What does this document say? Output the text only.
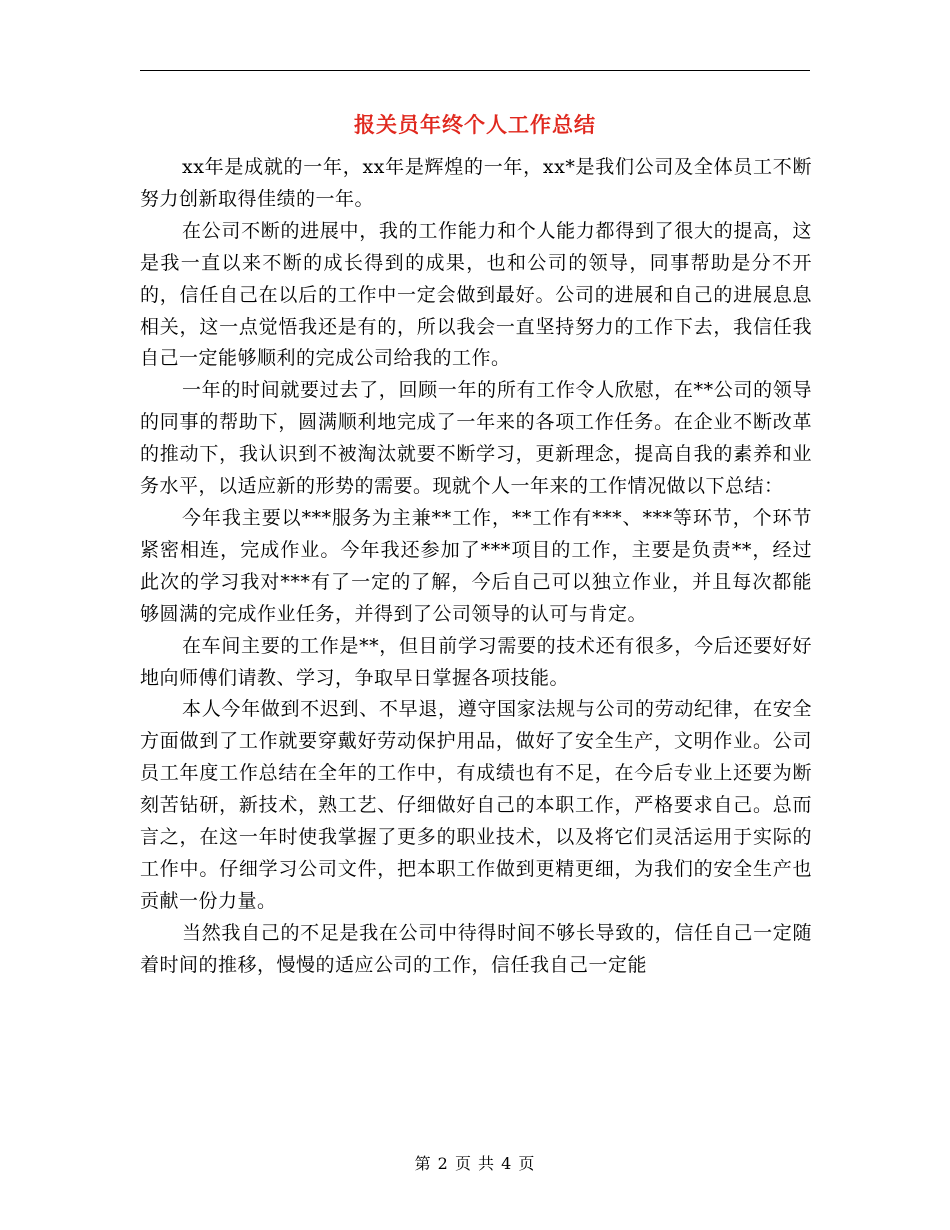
报关员年终个人工作总结

xx年是成就的一年，xx年是辉煌的一年，xx*是我们公司及全体员工不断努力创新取得佳绩的一年。

在公司不断的进展中，我的工作能力和个人能力都得到了很大的提高，这是我一直以来不断的成长得到的成果，也和公司的领导，同事帮助是分不开的，信任自己在以后的工作中一定会做到最好。公司的进展和自己的进展息息相关，这一点觉悟我还是有的，所以我会一直坚持努力的工作下去，我信任我自己一定能够顺利的完成公司给我的工作。

一年的时间就要过去了，回顾一年的所有工作令人欣慰，在**公司的领导的同事的帮助下，圆满顺利地完成了一年来的各项工作任务。在企业不断改革的推动下，我认识到不被淘汰就要不断学习，更新理念，提高自我的素养和业务水平，以适应新的形势的需要。现就个人一年来的工作情况做以下总结：

今年我主要以***服务为主兼**工作，**工作有***、***等环节，个环节紧密相连，完成作业。今年我还参加了***项目的工作，主要是负责**，经过此次的学习我对***有了一定的了解，今后自己可以独立作业，并且每次都能够圆满的完成作业任务，并得到了公司领导的认可与肯定。

在车间主要的工作是**，但目前学习需要的技术还有很多，今后还要好好地向师傅们请教、学习，争取早日掌握各项技能。

本人今年做到不迟到、不早退，遵守国家法规与公司的劳动纪律，在安全方面做到了工作就要穿戴好劳动保护用品，做好了安全生产，文明作业。公司员工年度工作总结在全年的工作中，有成绩也有不足，在今后专业上还要为断刻苦钻研，新技术，熟工艺、仔细做好自己的本职工作，严格要求自己。总而言之，在这一年时使我掌握了更多的职业技术，以及将它们灵活运用于实际的工作中。仔细学习公司文件，把本职工作做到更精更细，为我们的安全生产也贡献一份力量。

当然我自己的不足是我在公司中待得时间不够长导致的，信任自己一定随着时间的推移，慢慢的适应公司的工作，信任我自己一定能

第 2 页 共 4 页
